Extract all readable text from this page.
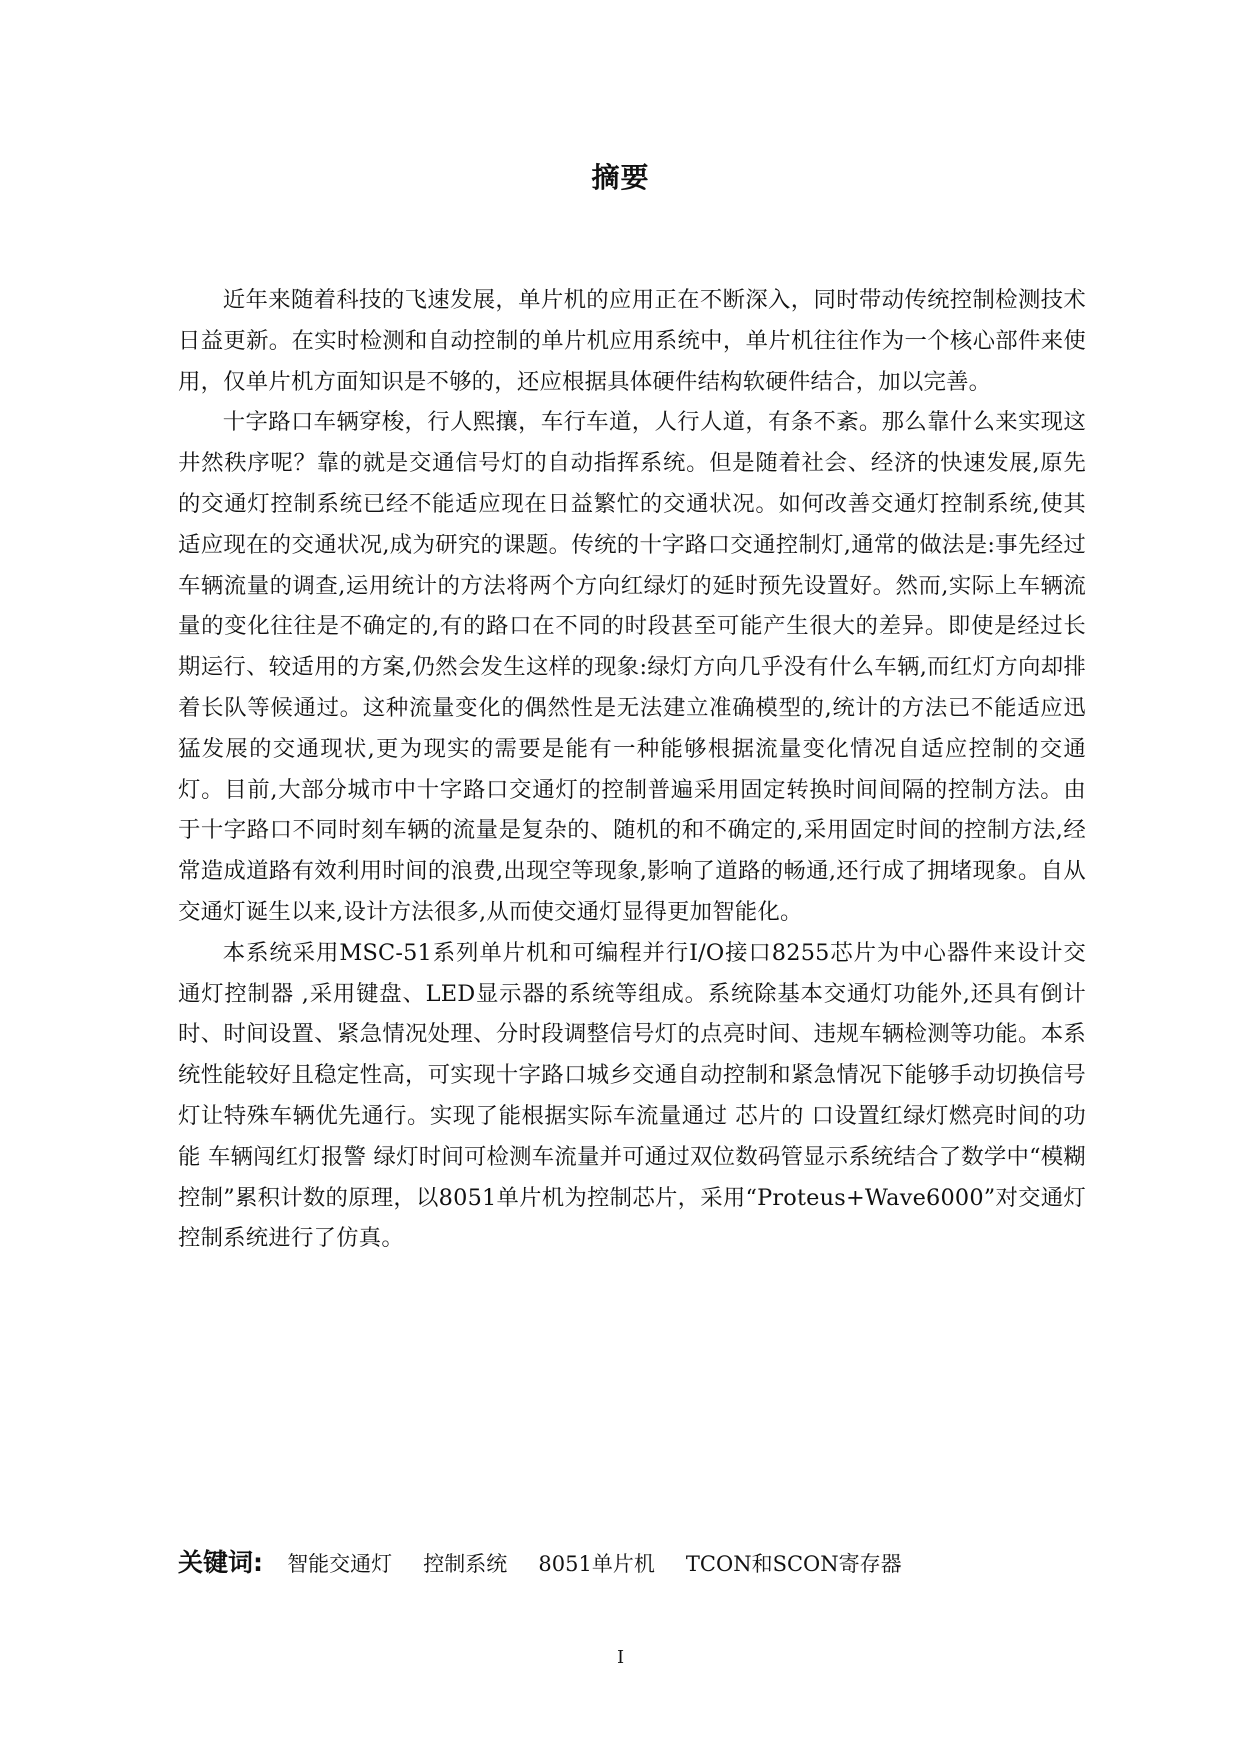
摘要

近年来随着科技的飞速发展，单片机的应用正在不断深入，同时带动传统控制检测技术日益更新。在实时检测和自动控制的单片机应用系统中，单片机往往作为一个核心部件来使用，仅单片机方面知识是不够的，还应根据具体硬件结构软硬件结合，加以完善。

十字路口车辆穿梭，行人熙攘，车行车道，人行人道，有条不紊。那么靠什么来实现这井然秩序呢？靠的就是交通信号灯的自动指挥系统。但是随着社会、经济的快速发展,原先的交通灯控制系统已经不能适应现在日益繁忙的交通状况。如何改善交通灯控制系统,使其适应现在的交通状况,成为研究的课题。传统的十字路口交通控制灯,通常的做法是:事先经过车辆流量的调查,运用统计的方法将两个方向红绿灯的延时预先设置好。然而,实际上车辆流量的变化往往是不确定的,有的路口在不同的时段甚至可能产生很大的差异。即使是经过长期运行、较适用的方案,仍然会发生这样的现象:绿灯方向几乎没有什么车辆,而红灯方向却排着长队等候通过。这种流量变化的偶然性是无法建立准确模型的,统计的方法已不能适应迅猛发展的交通现状,更为现实的需要是能有一种能够根据流量变化情况自适应控制的交通灯。目前,大部分城市中十字路口交通灯的控制普遍采用固定转换时间间隔的控制方法。由于十字路口不同时刻车辆的流量是复杂的、随机的和不确定的,采用固定时间的控制方法,经常造成道路有效利用时间的浪费,出现空等现象,影响了道路的畅通,还行成了拥堵现象。自从交通灯诞生以来,设计方法很多,从而使交通灯显得更加智能化。

本系统采用MSC-51系列单片机和可编程并行I/O接口8255芯片为中心器件来设计交通灯控制器 ,采用键盘、LED显示器的系统等组成。系统除基本交通灯功能外,还具有倒计时、时间设置、紧急情况处理、分时段调整信号灯的点亮时间、违规车辆检测等功能。本系统性能较好且稳定性高，可实现十字路口城乡交通自动控制和紧急情况下能够手动切换信号灯让特殊车辆优先通行。实现了能根据实际车流量通过 芯片的 口设置红绿灯燃亮时间的功能 车辆闯红灯报警 绿灯时间可检测车流量并可通过双位数码管显示系统结合了数学中“模糊控制”累积计数的原理，以8051单片机为控制芯片，采用“Proteus+Wave6000”对交通灯控制系统进行了仿真。

关键词: 智能交通灯 控制系统 8051单片机 TCON和SCON寄存器
I
